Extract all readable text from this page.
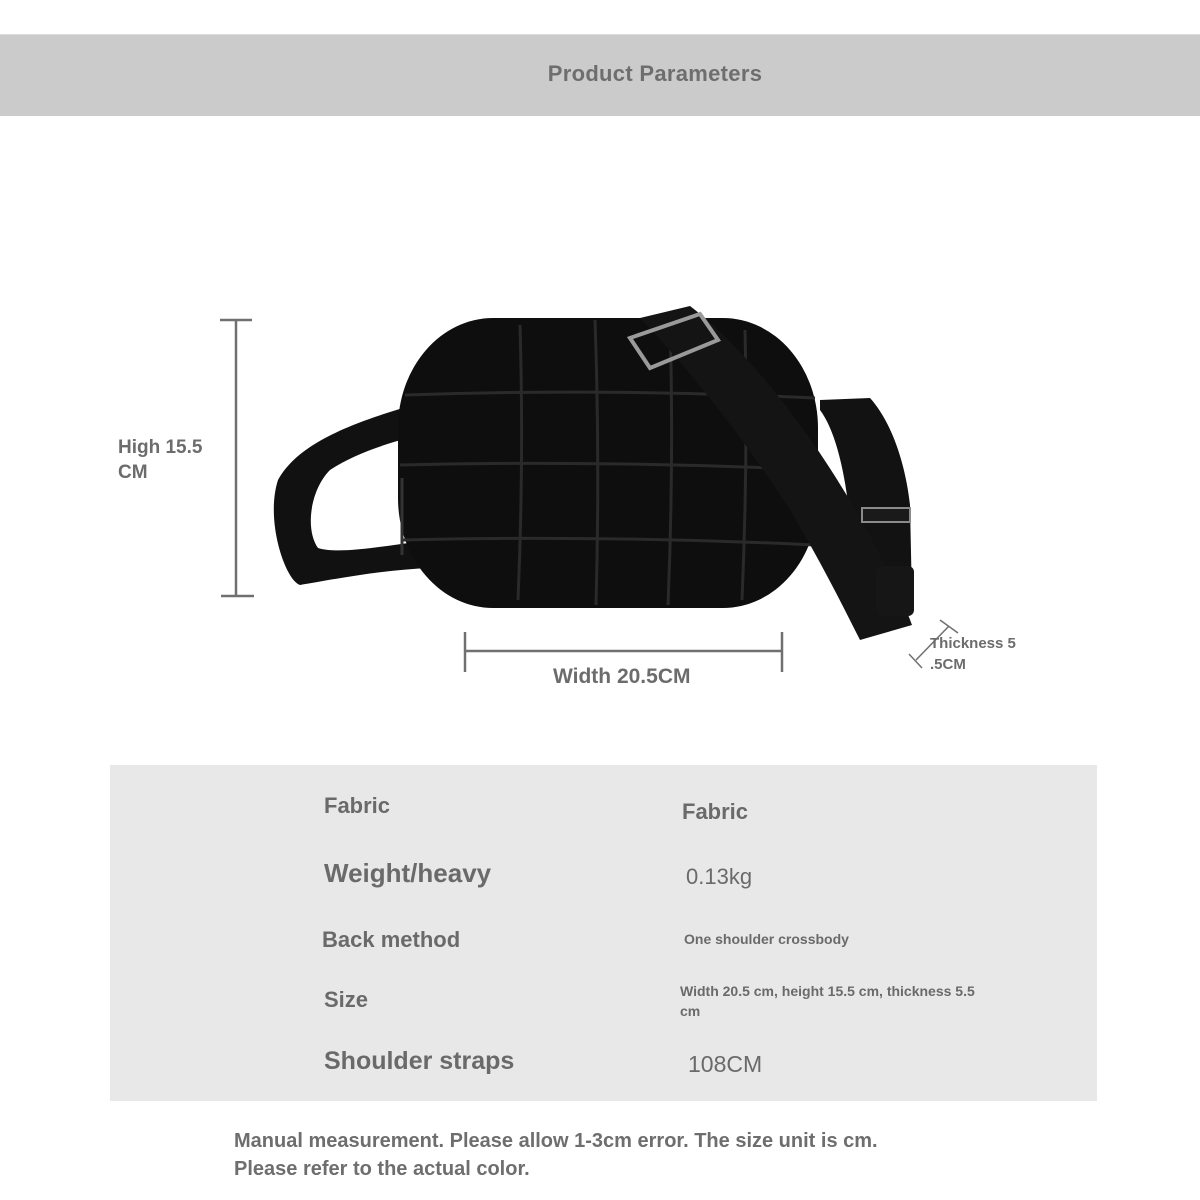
Product Parameters
High 15.5
CM
Width 20.5CM
Thickness 5
.5CM
Fabric	Fabric
Weight/heavy	0.13kg
Back method	One shoulder crossbody
Size	Width 20.5 cm, height 15.5 cm, thickness 5.5
cm
Shoulder straps	108CM
Manual measurement. Please allow 1-3cm error. The size unit is cm.
Please refer to the actual color.
